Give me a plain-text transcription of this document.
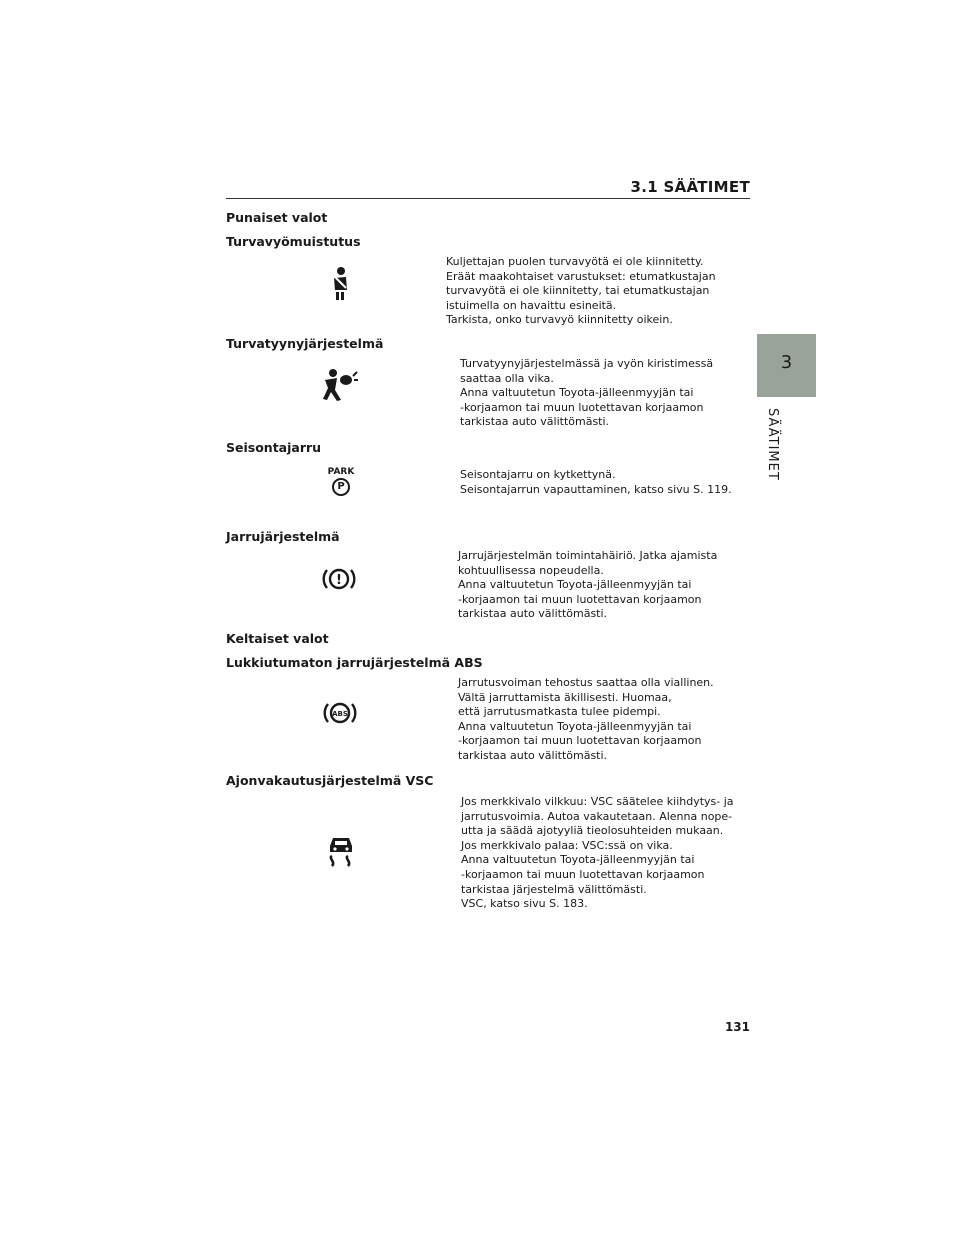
3.1 SÄÄTIMET
3
SÄÄTIMET
Punaiset valot
Turvavyömuistutus

Kuljettajan puolen turvavyötä ei ole kiinnitetty.

Eräät maakohtaiset varustukset: etumatkustajan

turvavyötä ei ole kiinnitetty, tai etumatkustajan

istuimella on havaittu esineitä.

Tarkista, onko turvavyö kiinnitetty oikein.

Turvatyynyjärjestelmä

Turvatyynyjärjestelmässä ja vyön kiristimessä

saattaa olla vika.

Anna valtuutetun Toyota-jälleenmyyjän tai

-korjaamon tai muun luotettavan korjaamon

tarkistaa auto välittömästi.

Seisontajarru
PARK
P

Seisontajarru on kytkettynä.

Seisontajarrun vapauttaminen, katso sivu S. 119.

Jarrujärjestelmä
!

Jarrujärjestelmän toimintahäiriö. Jatka ajamista

kohtuullisessa nopeudella.

Anna valtuutetun Toyota-jälleenmyyjän tai

-korjaamon tai muun luotettavan korjaamon

tarkistaa auto välittömästi.

Keltaiset valot
Lukkiutumaton jarrujärjestelmä ABS
ABS

Jarrutusvoiman tehostus saattaa olla viallinen.

Vältä jarruttamista äkillisesti. Huomaa,

että jarrutusmatkasta tulee pidempi.

Anna valtuutetun Toyota-jälleenmyyjän tai

-korjaamon tai muun luotettavan korjaamon

tarkistaa auto välittömästi.

Ajonvakautusjärjestelmä VSC

Jos merkkivalo vilkkuu: VSC säätelee kiihdytys- ja

jarrutusvoimia. Autoa vakautetaan. Alenna nope-

utta ja säädä ajotyyliä tieolosuhteiden mukaan.

Jos merkkivalo palaa: VSC:ssä on vika.

Anna valtuutetun Toyota-jälleenmyyjän tai

-korjaamon tai muun luotettavan korjaamon

tarkistaa järjestelmä välittömästi.

VSC, katso sivu S. 183.

131
